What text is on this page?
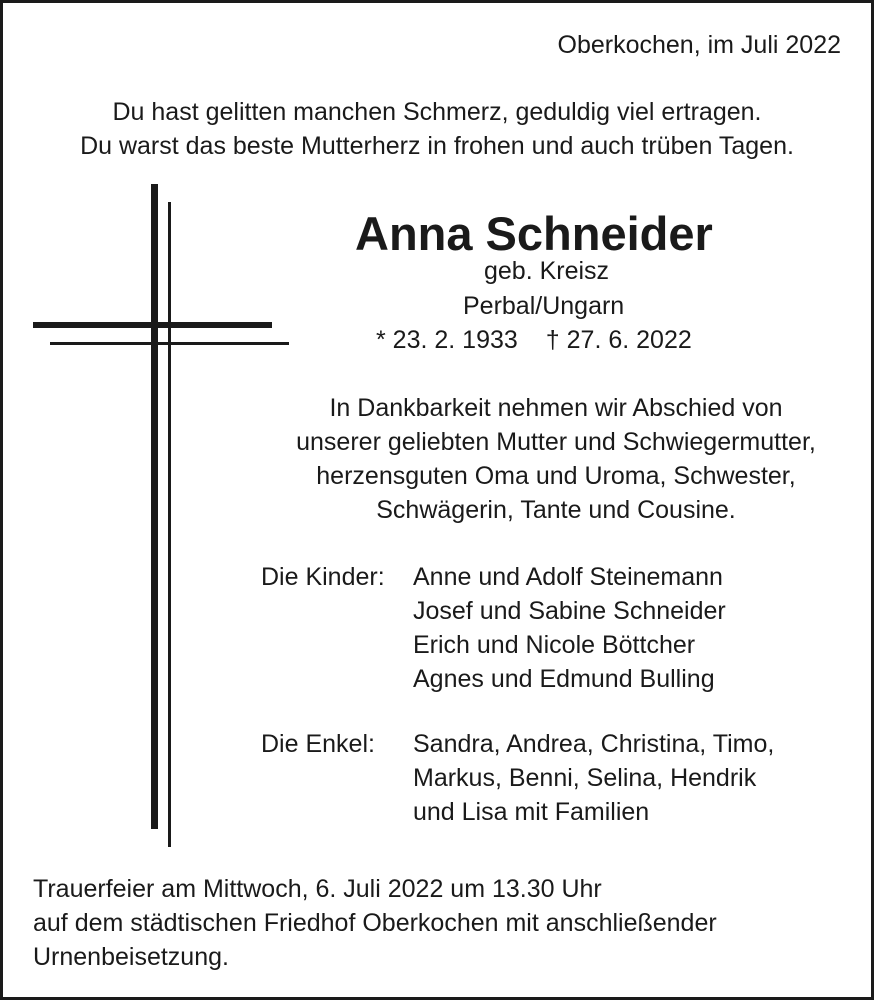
Oberkochen, im Juli 2022
Du hast gelitten manchen Schmerz, geduldig viel ertragen.
Du warst das beste Mutterherz in frohen und auch trüben Tagen.
Anna Schneider
geb. Kreisz
Perbal/Ungarn
* 23. 2. 1933 † 27. 6. 2022
In Dankbarkeit nehmen wir Abschied von
unserer geliebten Mutter und Schwiegermutter,
herzensguten Oma und Uroma, Schwester,
Schwägerin, Tante und Cousine.
Die Kinder: Anne und Adolf Steinemann
Josef und Sabine Schneider
Erich und Nicole Böttcher
Agnes und Edmund Bulling
Die Enkel: Sandra, Andrea, Christina, Timo,
Markus, Benni, Selina, Hendrik
und Lisa mit Familien
Trauerfeier am Mittwoch, 6. Juli 2022 um 13.30 Uhr
auf dem städtischen Friedhof Oberkochen mit anschließender
Urnenbeisetzung.
